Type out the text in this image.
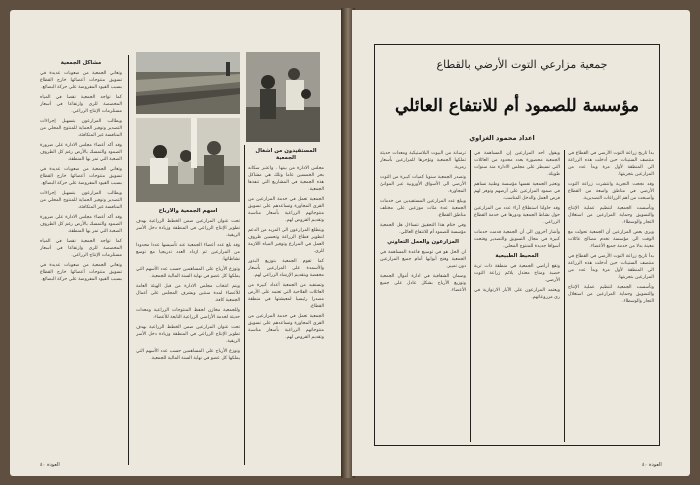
مشاكل الجمعية

وتعاني الجمعية من صعوبات عديدة في تسويق منتوجات أعضائها خارج القطاع بسبب القيود المفروضة على حركة البضائع.

كما تواجه الجمعية نقصا في المياه المخصصة للري وارتفاعا في أسعار مستلزمات الإنتاج الزراعي.

ويطالب المزارعون بتسهيل إجراءات التصدير وتوفير الحماية للمنتوج المحلي من المنافسة غير المتكافئة.

وقد أكد أعضاء مجلس الادارة على ضرورة الصمود والتمسك بالأرض رغم كل الظروف الصعبة التي تمر بها المنطقة.

وتعاني الجمعية من صعوبات عديدة في تسويق منتوجات أعضائها خارج القطاع بسبب القيود المفروضة على حركة البضائع.

ويطالب المزارعون بتسهيل إجراءات التصدير وتوفير الحماية للمنتوج المحلي من المنافسة غير المتكافئة.

وقد أكد أعضاء مجلس الادارة على ضرورة الصمود والتمسك بالأرض رغم كل الظروف الصعبة التي تمر بها المنطقة.

كما تواجه الجمعية نقصا في المياه المخصصة للري وارتفاعا في أسعار مستلزمات الإنتاج الزراعي.

وتعاني الجمعية من صعوبات عديدة في تسويق منتوجات أعضائها خارج القطاع بسبب القيود المفروضة على حركة البضائع.

أسهم الجمعية والأرباح

تحت عنوان المزارعين ضمن الخطط الزراعية بهدف تطوير الإنتاج الزراعي في المنطقة وزيادة دخل الأسر الريفية.

وقد بلغ عدد أعضاء الجمعية عند تأسيسها عددا محدودا من المزارعين ثم ازداد العدد تدريجيا مع توسع نشاطاتها.

وتوزع الأرباح على المساهمين حسب عدد الأسهم التي يملكها كل عضو في نهاية السنة المالية للجمعية.

ويتم انتخاب مجلس الادارة من قبل الهيئة العامة للأعضاء لمدة سنتين ويشرف المجلس على أعمال الجمعية كافة.

وللجمعية مخازن لحفظ المنتوجات الزراعية ومعدات حديثة لخدمة الأراضي الزراعية التابعة للأعضاء.

تحت عنوان المزارعين ضمن الخطط الزراعية بهدف تطوير الإنتاج الزراعي في المنطقة وزيادة دخل الأسر الريفية.

وتوزع الأرباح على المساهمين حسب عدد الأسهم التي يملكها كل عضو في نهاية السنة المالية للجمعية.

المستفيدون من أشغال الجمعية

مجلس الادارة من بينها . واعتبر سكانه بحر الخمسين عاما وتلك هي مشاكل هذه الجمعية في المشاريع التي تنفذها الجمعية.

الجمعية تعمل في خدمة المزارعين من القرى المجاورة وتساعدهم على تسويق منتوجاتهم الزراعية بأسعار مناسبة وتقديم القروض لهم.

ويتطلع المزارعون الى المزيد من الدعم لتطوير قطاع الزراعة وتحسين ظروف العمل في المزارع وتوفير المياه اللازمة للري.

كما تقوم الجمعية بتوزيع البذور والأسمدة على المزارعين بأسعار مخفضة وبتقديم الإرشاد الزراعي لهم.

وتستفيد من الجمعية أعداد كبيرة من العائلات الفلاحية التي تعتمد على الأرض مصدرا رئيسيا لمعيشتها في منطقة القطاع.

الجمعية تعمل في خدمة المزارعين من القرى المجاورة وتساعدهم على تسويق منتوجاتهم الزراعية بأسعار مناسبة وتقديم القروض لهم.

العودة ٤٠
جمعية مزارعي التوت الأرضي بالقطاع
مؤسسة للصمود أم للانتفاع العائلي
اعداد محمود الغزاوي

بدأ تاريخ زراعة التوت الأرضي في القطاع في منتصف الستينات حين أدخلت هذه الزراعة الى المنطقة لأول مرة وبدأ عدد من المزارعين بتجربتها.

وقد نجحت التجربة وانتشرت زراعة التوت الأرضي في مناطق واسعة من القطاع وأصبحت من أهم الزراعات التصديرية.

وتأسست الجمعية لتنظيم عملية الإنتاج والتسويق وحماية المزارعين من استغلال التجار والوسطاء.

ويرى بعض المزارعين أن الجمعية تحولت مع الوقت الى مؤسسة تخدم مصالح عائلات معينة بدلا من خدمة جميع الأعضاء.

بدأ تاريخ زراعة التوت الأرضي في القطاع في منتصف الستينات حين أدخلت هذه الزراعة الى المنطقة لأول مرة وبدأ عدد من المزارعين بتجربتها.

وتأسست الجمعية لتنظيم عملية الإنتاج والتسويق وحماية المزارعين من استغلال التجار والوسطاء.

ويقول أحد المزارعين إن المساهمة في الجمعية محصورة بعدد محدود من العائلات التي تسيطر على مجلس الادارة منذ سنوات طويلة.

وتعتبر الجمعية نفسها مؤسسة وطنية تساهم في صمود المزارعين على أرضهم وتوفر لهم فرص العمل والدخل المناسب.

وقد حاولنا استطلاع آراء عدد من المزارعين حول نشاط الجمعية ودورها في خدمة القطاع الزراعي.

وأشار آخرون الى أن الجمعية قدمت خدمات كبيرة في مجال التسويق والتصدير وفتحت أسواقا جديدة للمنتوج المحلي.

المحيط الطبيعية

وتقع أراضي الجمعية في منطقة ذات تربة خصبة ومناخ معتدل يلائم زراعة التوت الأرضي.

ويعتمد المزارعون على الآبار الارتوازية في ري مزروعاتهم.

ترسانة من البيوت البلاستيكية ومعدات حديثة تملكها الجمعية وتؤجرها للمزارعين بأسعار رمزية.

وتصدر الجمعية سنويا كميات كبيرة من التوت الأرضي الى الأسواق الأوروبية عبر الموانئ المجاورة.

ويبلغ عدد المزارعين المستفيدين من خدمات الجمعية عدة مئات موزعين على مختلف مناطق القطاع.

وفي ختام هذا التحقيق نتساءل هل الجمعية مؤسسة للصمود أم للانتفاع العائلي.

المزارعون والعمل التعاوني

ان الحل هو في توسيع قاعدة المساهمة في الجمعية وفتح أبوابها أمام جميع المزارعين دون تمييز.

وضمان الشفافية في ادارة أموال الجمعية وتوزيع الأرباح بشكل عادل على جميع الأعضاء.

العودة ٤٠
